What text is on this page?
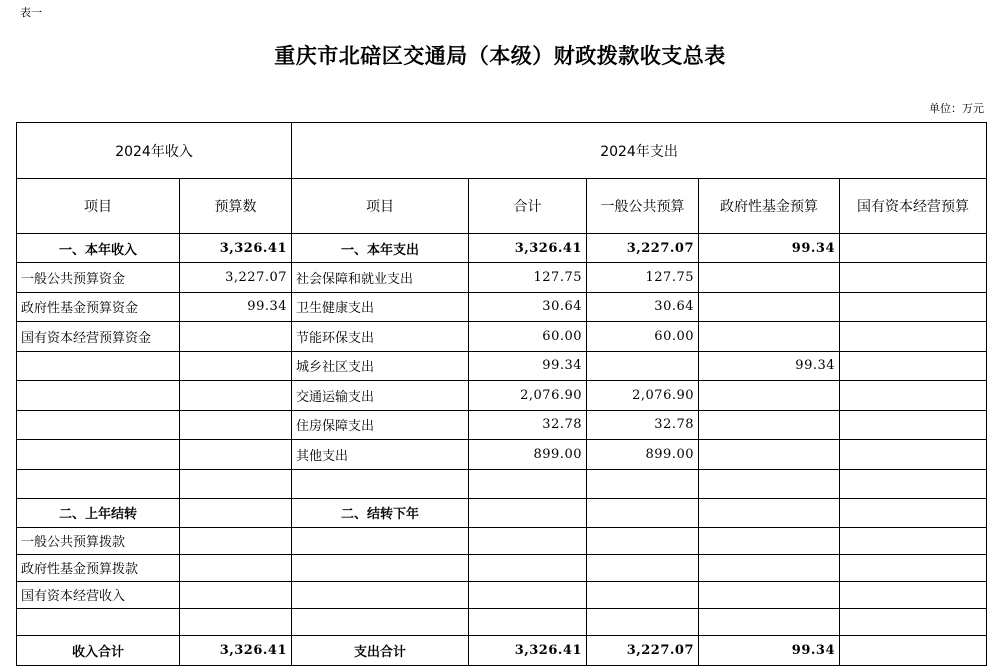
表一
重庆市北碚区交通局（本级）财政拨款收支总表
单位：万元
2024年收入		2024年支出				
项目	预算数	项目	合计	一般公共预算	政府性基金预算	国有资本经营预算
一、本年收入	3,326.41	一、本年支出	3,326.41	3,227.07	99.34	
一般公共预算资金	3,227.07	社会保障和就业支出	127.75	127.75		
政府性基金预算资金	99.34	卫生健康支出	30.64	30.64		
国有资本经营预算资金		节能环保支出	60.00	60.00		
		城乡社区支出	99.34		99.34	
		交通运输支出	2,076.90	2,076.90		
		住房保障支出	32.78	32.78		
		其他支出	899.00	899.00		

二、上年结转		二、结转下年				
一般公共预算拨款						
政府性基金预算拨款						
国有资本经营收入						

收入合计	3,326.41	支出合计	3,326.41	3,227.07	99.34	
